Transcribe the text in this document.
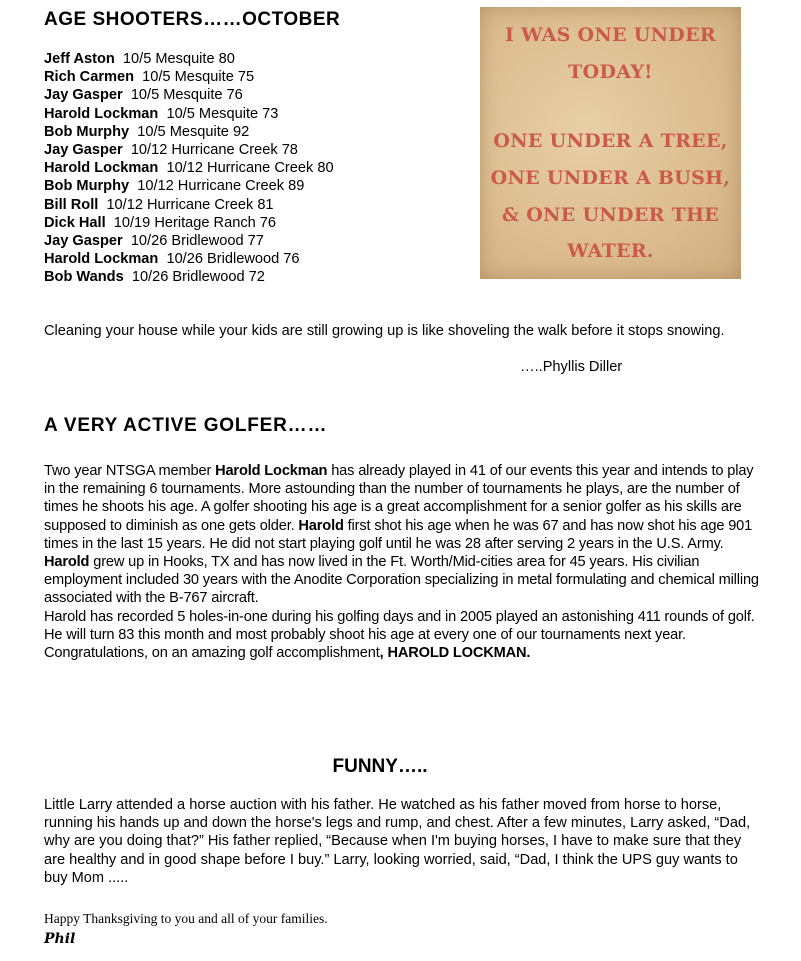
AGE SHOOTERS……OCTOBER
Jeff Aston 10/5 Mesquite 80
Rich Carmen 10/5 Mesquite 75
Jay Gasper 10/5 Mesquite 76
Harold Lockman 10/5 Mesquite 73
Bob Murphy 10/5 Mesquite 92
Jay Gasper 10/12 Hurricane Creek 78
Harold Lockman 10/12 Hurricane Creek 80
Bob Murphy 10/12 Hurricane Creek 89
Bill Roll 10/12 Hurricane Creek 81
Dick Hall 10/19 Heritage Ranch 76
Jay Gasper 10/26 Bridlewood 77
Harold Lockman 10/26 Bridlewood 76
Bob Wands 10/26 Bridlewood 72
I WAS ONE UNDER
TODAY!
ONE UNDER A TREE,
ONE UNDER A BUSH,
& ONE UNDER THE
WATER.
Cleaning your house while your kids are still growing up is like shoveling the walk before it stops snowing.
…..Phyllis Diller
A VERY ACTIVE GOLFER……

Two year NTSGA member Harold Lockman has already played in 41 of our events this year and intends to play in the remaining 6 tournaments. More astounding than the number of tournaments he plays, are the number of times he shoots his age. A golfer shooting his age is a great accomplishment for a senior golfer as his skills are supposed to diminish as one gets older. Harold first shot his age when he was 67 and has now shot his age 901 times in the last 15 years. He did not start playing golf until he was 28 after serving 2 years in the U.S. Army. Harold grew up in Hooks, TX and has now lived in the Ft. Worth/Mid-cities area for 45 years. His civilian employment included 30 years with the Anodite Corporation specializing in metal formulating and chemical milling associated with the B-767 aircraft.

Harold has recorded 5 holes-in-one during his golfing days and in 2005 played an astonishing 411 rounds of golf. He will turn 83 this month and most probably shoot his age at every one of our tournaments next year.

Congratulations, on an amazing golf accomplishment, HAROLD LOCKMAN.

FUNNY…..
Little Larry attended a horse auction with his father. He watched as his father moved from horse to horse, running his hands up and down the horse's legs and rump, and chest. After a few minutes, Larry asked, “Dad, why are you doing that?” His father replied, “Because when I'm buying horses, I have to make sure that they are healthy and in good shape before I buy.” Larry, looking worried, said, “Dad, I think the UPS guy wants to buy Mom .....
Happy Thanksgiving to you and all of your families.
Phil
